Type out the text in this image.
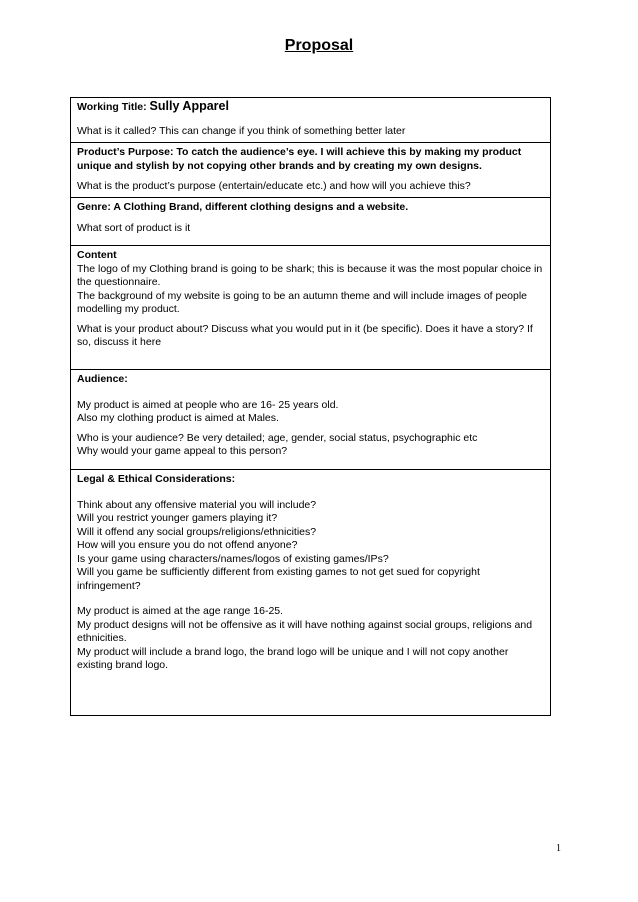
Proposal
Working Title: Sully Apparel
What is it called? This can change if you think of something better later
Product’s Purpose: To catch the audience’s eye. I will achieve this by making my product
unique and stylish by not copying other brands and by creating my own designs.
What is the product’s purpose (entertain/educate etc.) and how will you achieve this?
Genre: A Clothing Brand, different clothing designs and a website.
What sort of product is it
Content
The logo of my Clothing brand is going to be shark; this is because it was the most popular choice in the questionnaire.
The background of my website is going to be an autumn theme and will include images of people modelling my product.
What is your product about? Discuss what you would put in it (be specific). Does it have a story? If so, discuss it here
Audience:
My product is aimed at people who are 16- 25 years old.
Also my clothing product is aimed at Males.
Who is your audience? Be very detailed; age, gender, social status, psychographic etc
Why would your game appeal to this person?
Legal & Ethical Considerations:
Think about any offensive material you will include?
Will you restrict younger gamers playing it?
Will it offend any social groups/religions/ethnicities?
How will you ensure you do not offend anyone?
Is your game using characters/names/logos of existing games/IPs?
Will you game be sufficiently different from existing games to not get sued for copyright infringement?
My product is aimed at the age range 16-25.
My product designs will not be offensive as it will have nothing against social groups, religions and ethnicities.
My product will include a brand logo, the brand logo will be unique and I will not copy another existing brand logo.
1
